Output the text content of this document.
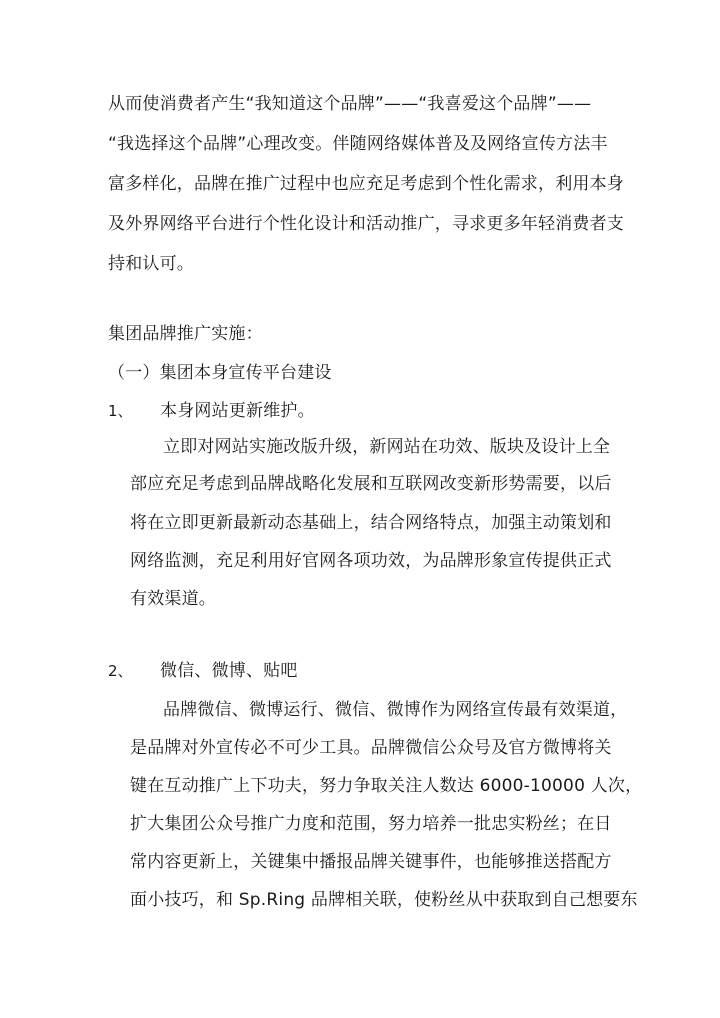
从而使消费者产生“我知道这个品牌”——“我喜爱这个品牌”——
“我选择这个品牌”心理改变。伴随网络媒体普及及网络宣传方法丰
富多样化，品牌在推广过程中也应充足考虑到个性化需求，利用本身
及外界网络平台进行个性化设计和活动推广，寻求更多年轻消费者支
持和认可。
集团品牌推广实施：
（一）集团本身宣传平台建设
1、 本身网站更新维护。
立即对网站实施改版升级，新网站在功效、版块及设计上全
部应充足考虑到品牌战略化发展和互联网改变新形势需要，以后
将在立即更新最新动态基础上，结合网络特点，加强主动策划和
网络监测，充足利用好官网各项功效，为品牌形象宣传提供正式
有效渠道。
2、 微信、微博、贴吧
品牌微信、微博运行、微信、微博作为网络宣传最有效渠道，
是品牌对外宣传必不可少工具。品牌微信公众号及官方微博将关
键在互动推广上下功夫，努力争取关注人数达 6000-10000 人次，
扩大集团公众号推广力度和范围，努力培养一批忠实粉丝；在日
常内容更新上，关键集中播报品牌关键事件，也能够推送搭配方
面小技巧，和 Sp.Ring 品牌相关联，使粉丝从中获取到自己想要东
